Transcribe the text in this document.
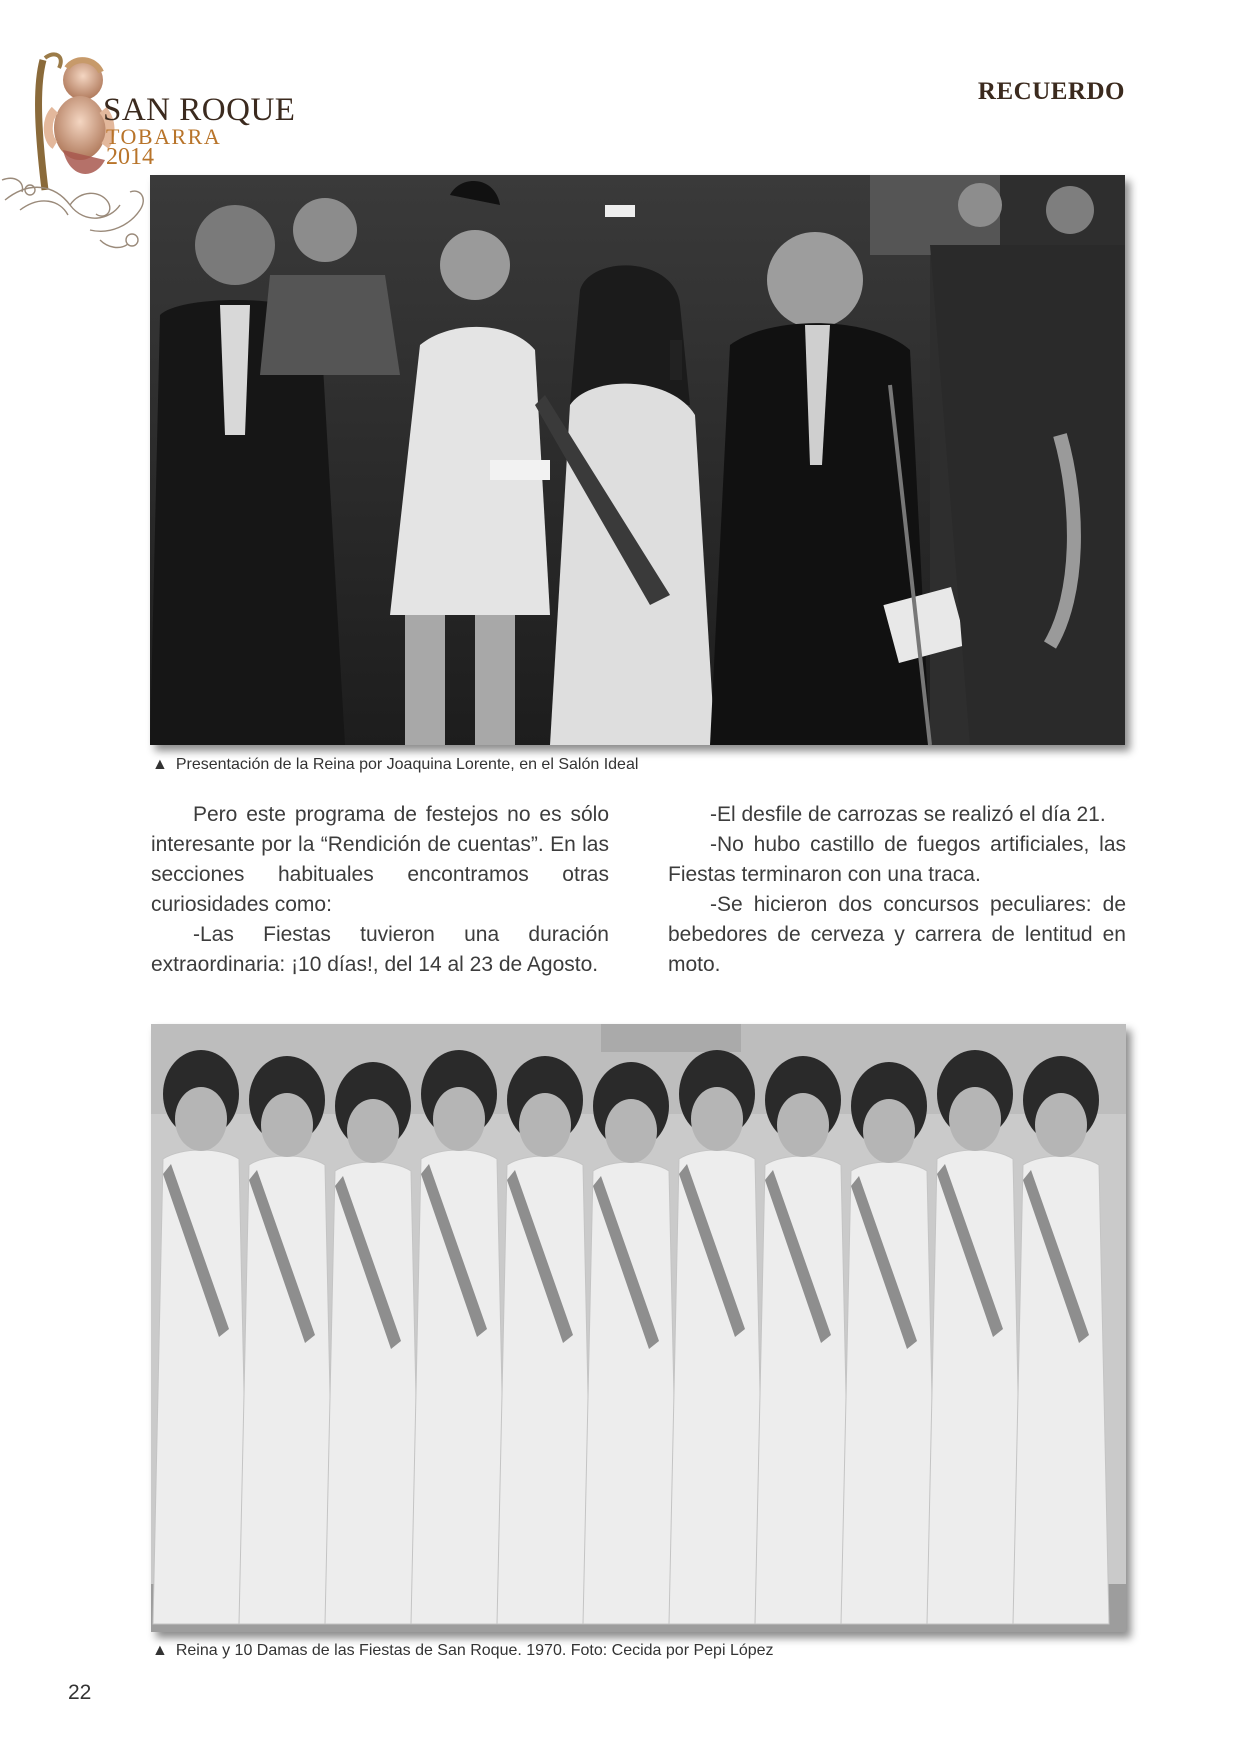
SAN ROQUE
TOBARRA
2014
RECUERDO
▲ Presentación de la Reina por Joaquina Lorente, en el Salón Ideal

Pero este programa de festejos no es sólo interesante por la “Rendición de cuentas”. En las secciones habituales encontramos otras curiosidades como:

-Las Fiestas tuvieron una duración extraordinaria: ¡10 días!, del 14 al 23 de Agosto.

-El desfile de carrozas se realizó el día 21.

-No hubo castillo de fuegos artificiales, las Fiestas terminaron con una traca.

-Se hicieron dos concursos peculiares: de bebedores de cerveza y carrera de lentitud en moto.

▲ Reina y 10 Damas de las Fiestas de San Roque. 1970. Foto: Cecida por Pepi López
22
